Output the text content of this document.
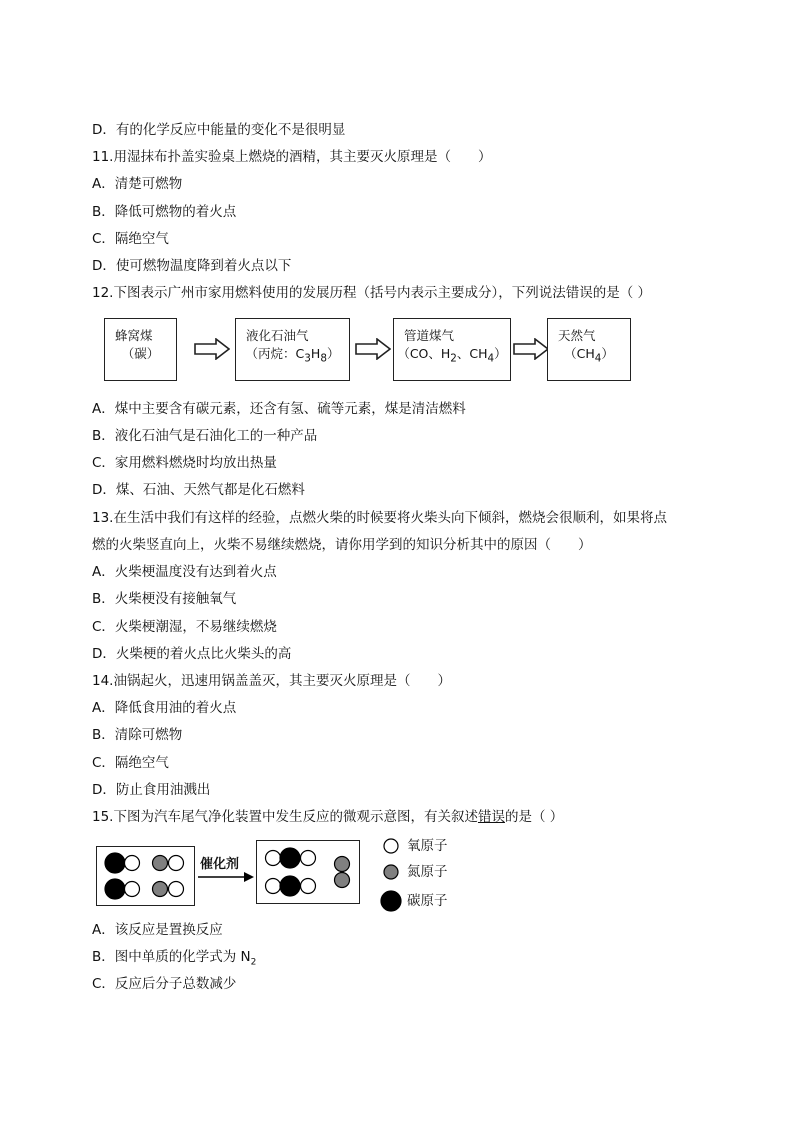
D．有的化学反应中能量的变化不是很明显
11.用湿抹布扑盖实验桌上燃烧的酒精，其主要灭火原理是（　　）
A．清楚可燃物
B．降低可燃物的着火点
C．隔绝空气
D．使可燃物温度降到着火点以下
12.下图表示广州市家用燃料使用的发展历程（括号内表示主要成分），下列说法错误的是（ ）
蜂窝煤
（碳）
液化石油气
（丙烷：$C_3H_8$）
管道煤气
（CO、$H_2$、$CH_4$）
天然气
$(CH_4)$
A．煤中主要含有碳元素，还含有氢、硫等元素，煤是清洁燃料
B．液化石油气是石油化工的一种产品
C．家用燃料燃烧时均放出热量
D．煤、石油、天然气都是化石燃料
13.在生活中我们有这样的经验，点燃火柴的时候要将火柴头向下倾斜，燃烧会很顺利，如果将点
燃的火柴竖直向上，火柴不易继续燃烧，请你用学到的知识分析其中的原因（　　）
A．火柴梗温度没有达到着火点
B．火柴梗没有接触氧气
C．火柴梗潮湿，不易继续燃烧
D．火柴梗的着火点比火柴头的高
14.油锅起火，迅速用锅盖盖灭，其主要灭火原理是（　　）
A．降低食用油的着火点
B．清除可燃物
C．隔绝空气
D．防止食用油溅出
15.下图为汽车尾气净化装置中发生反应的微观示意图，有关叙述错误的是（ ）
催化剂
氧原子
氮原子
碳原子
A．该反应是置换反应
B．图中单质的化学式为 $N_2$
C．反应后分子总数减少
